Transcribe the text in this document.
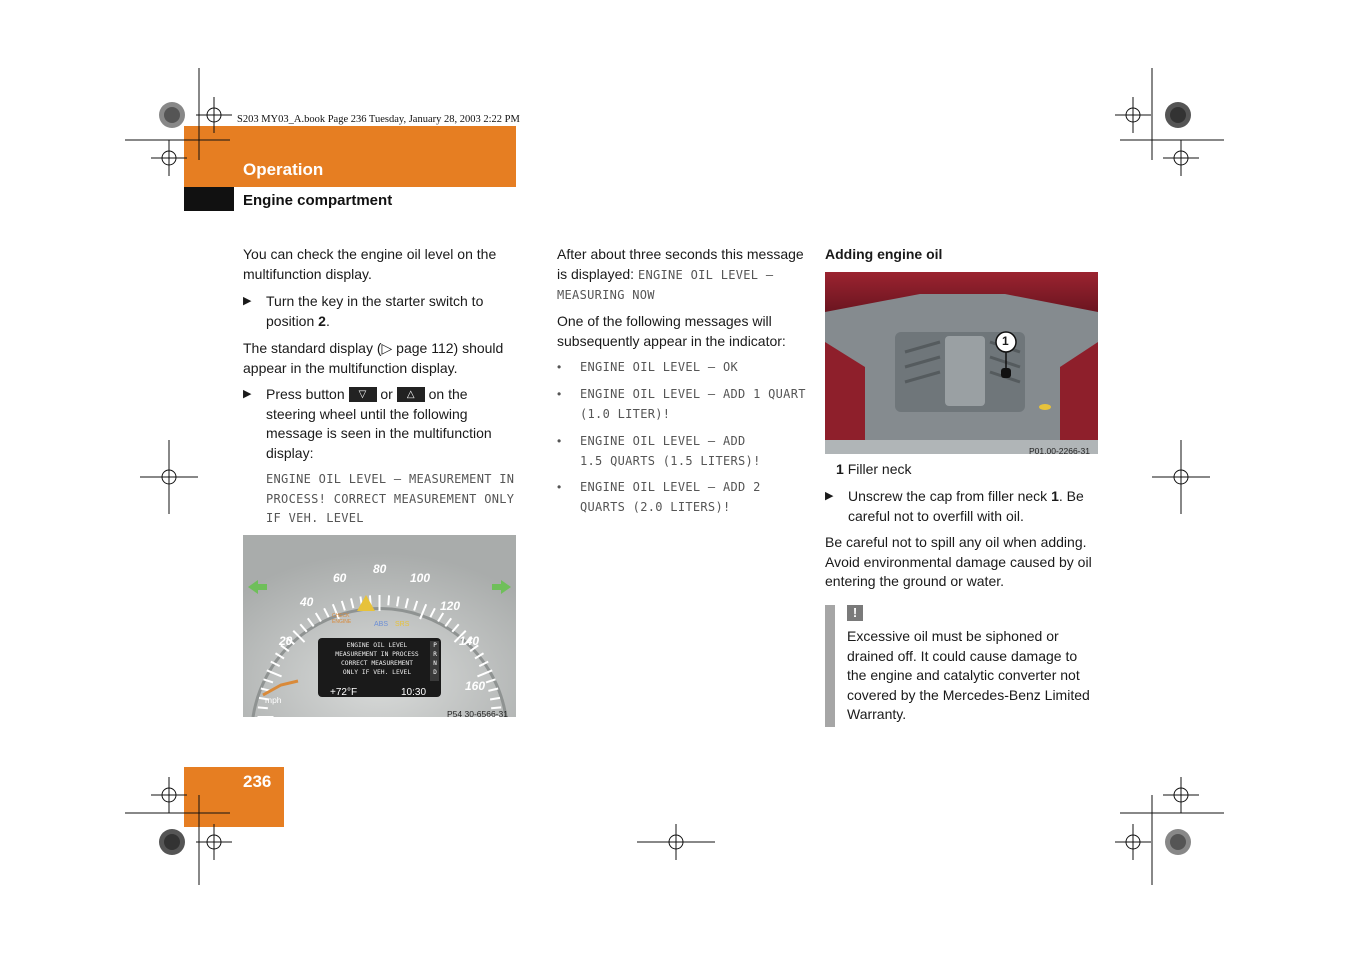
S203 MY03_A.book Page 236 Tuesday, January 28, 2003 2:22 PM
Operation
Engine compartment
236

You can check the engine oil level on the multifunction display.

▶ Turn the key in the starter switch to position 2.

The standard display (▷ page 112) should appear in the multifunction display.
▶ Press button	▽	or	△	on the steering wheel until the following message is seen in the multifunction display:

ENGINE OIL LEVEL – MEASUREMENT IN PROCESS! CORRECT MEASUREMENT ONLY IF VEH. LEVEL
20
40
60
80
100
120
140
160
mph
CHECK ENGINE	ABS SRS
ENGINE OIL LEVEL
MEASUREMENT IN PROCESS
CORRECT MEASUREMENT
ONLY IF VEH. LEVEL
P
R
N
D
+72°F	10:30
P54 30-6566-31

After about three seconds this message is displayed: ENGINE OIL LEVEL – MEASURING NOW

One of the following messages will subsequently appear in the indicator:
• ENGINE OIL LEVEL – OK

• ENGINE OIL LEVEL – ADD 1 QUART (1.0 LITER)!

• ENGINE OIL LEVEL – ADD 1.5 QUARTS (1.5 LITERS)!

• ENGINE OIL LEVEL – ADD 2 QUARTS (2.0 LITERS)!

Adding engine oil
1
P01.00-2266-31
1 Filler neck
▶ Unscrew the cap from filler neck 1. Be careful not to overfill with oil.

Be careful not to spill any oil when adding. Avoid environmental damage caused by oil entering the ground or water.
!

Excessive oil must be siphoned or drained off. It could cause damage to the engine and catalytic converter not covered by the Mercedes-Benz Limited Warranty.
